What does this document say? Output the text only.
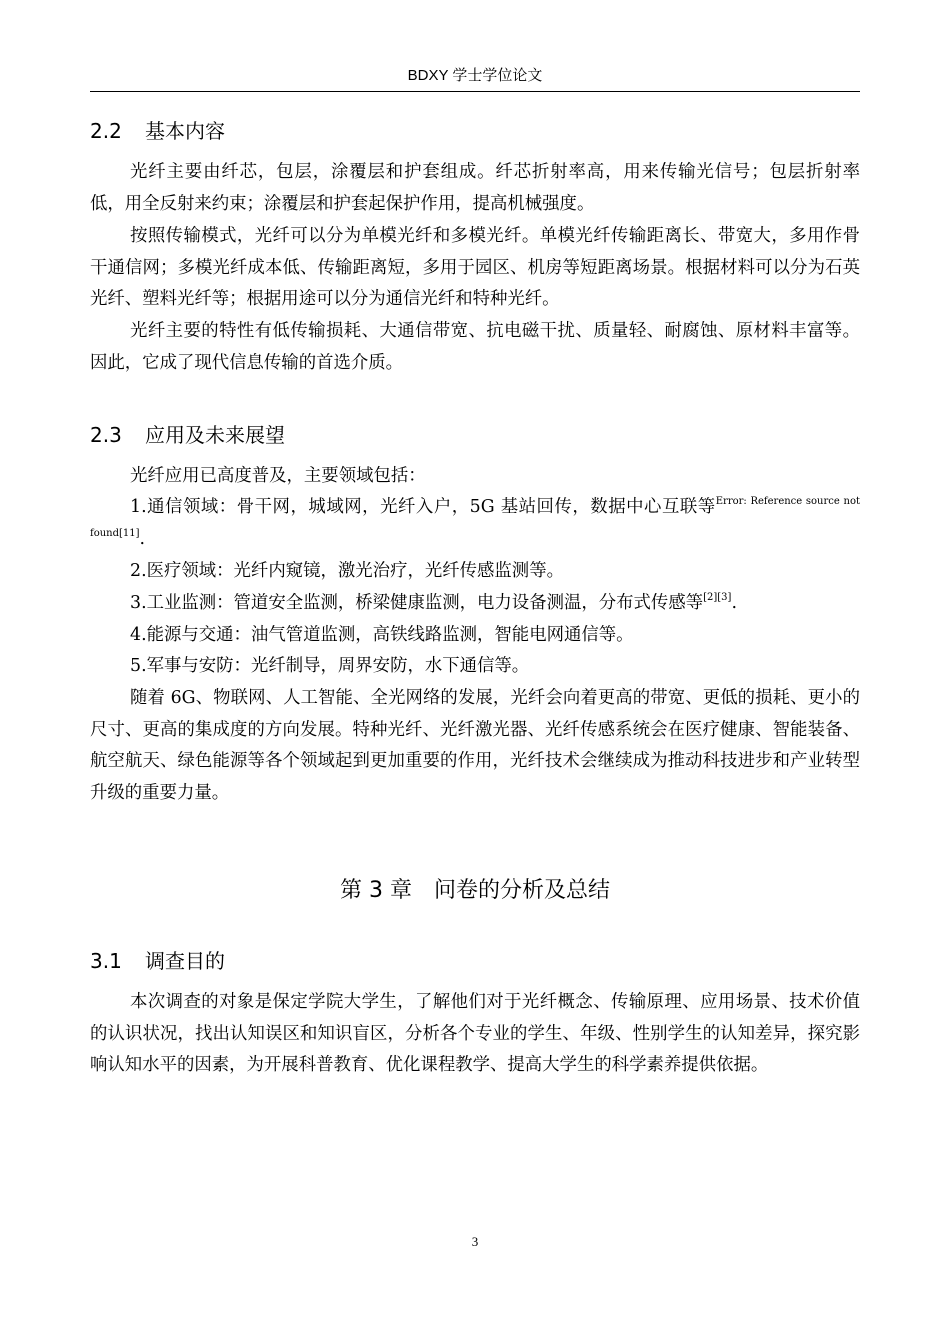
BDXY 学士学位论文
2.2 基本内容

光纤主要由纤芯，包层，涂覆层和护套组成。纤芯折射率高，用来传输光信号；包层折射率低，用全反射来约束；涂覆层和护套起保护作用，提高机械强度。

按照传输模式，光纤可以分为单模光纤和多模光纤。单模光纤传输距离长、带宽大，多用作骨干通信网；多模光纤成本低、传输距离短，多用于园区、机房等短距离场景。根据材料可以分为石英光纤、塑料光纤等；根据用途可以分为通信光纤和特种光纤。

光纤主要的特性有低传输损耗、大通信带宽、抗电磁干扰、质量轻、耐腐蚀、原材料丰富等。因此，它成了现代信息传输的首选介质。

2.3 应用及未来展望

光纤应用已高度普及，主要领域包括：

1.通信领域：骨干网，城域网，光纤入户，5G 基站回传，数据中心互联等$^{Error: Reference source not found[11]}$.

2.医疗领域：光纤内窥镜，激光治疗，光纤传感监测等。

3.工业监测：管道安全监测，桥梁健康监测，电力设备测温，分布式传感等[2][3].

4.能源与交通：油气管道监测，高铁线路监测，智能电网通信等。

5.军事与安防：光纤制导，周界安防，水下通信等。

随着 6G、物联网、人工智能、全光网络的发展，光纤会向着更高的带宽、更低的损耗、更小的尺寸、更高的集成度的方向发展。特种光纤、光纤激光器、光纤传感系统会在医疗健康、智能装备、航空航天、绿色能源等各个领域起到更加重要的作用，光纤技术会继续成为推动科技进步和产业转型升级的重要力量。

第 3 章 问卷的分析及总结
3.1 调查目的

本次调查的对象是保定学院大学生，了解他们对于光纤概念、传输原理、应用场景、技术价值的认识状况，找出认知误区和知识盲区，分析各个专业的学生、年级、性别学生的认知差异，探究影响认知水平的因素，为开展科普教育、优化课程教学、提高大学生的科学素养提供依据。

3
